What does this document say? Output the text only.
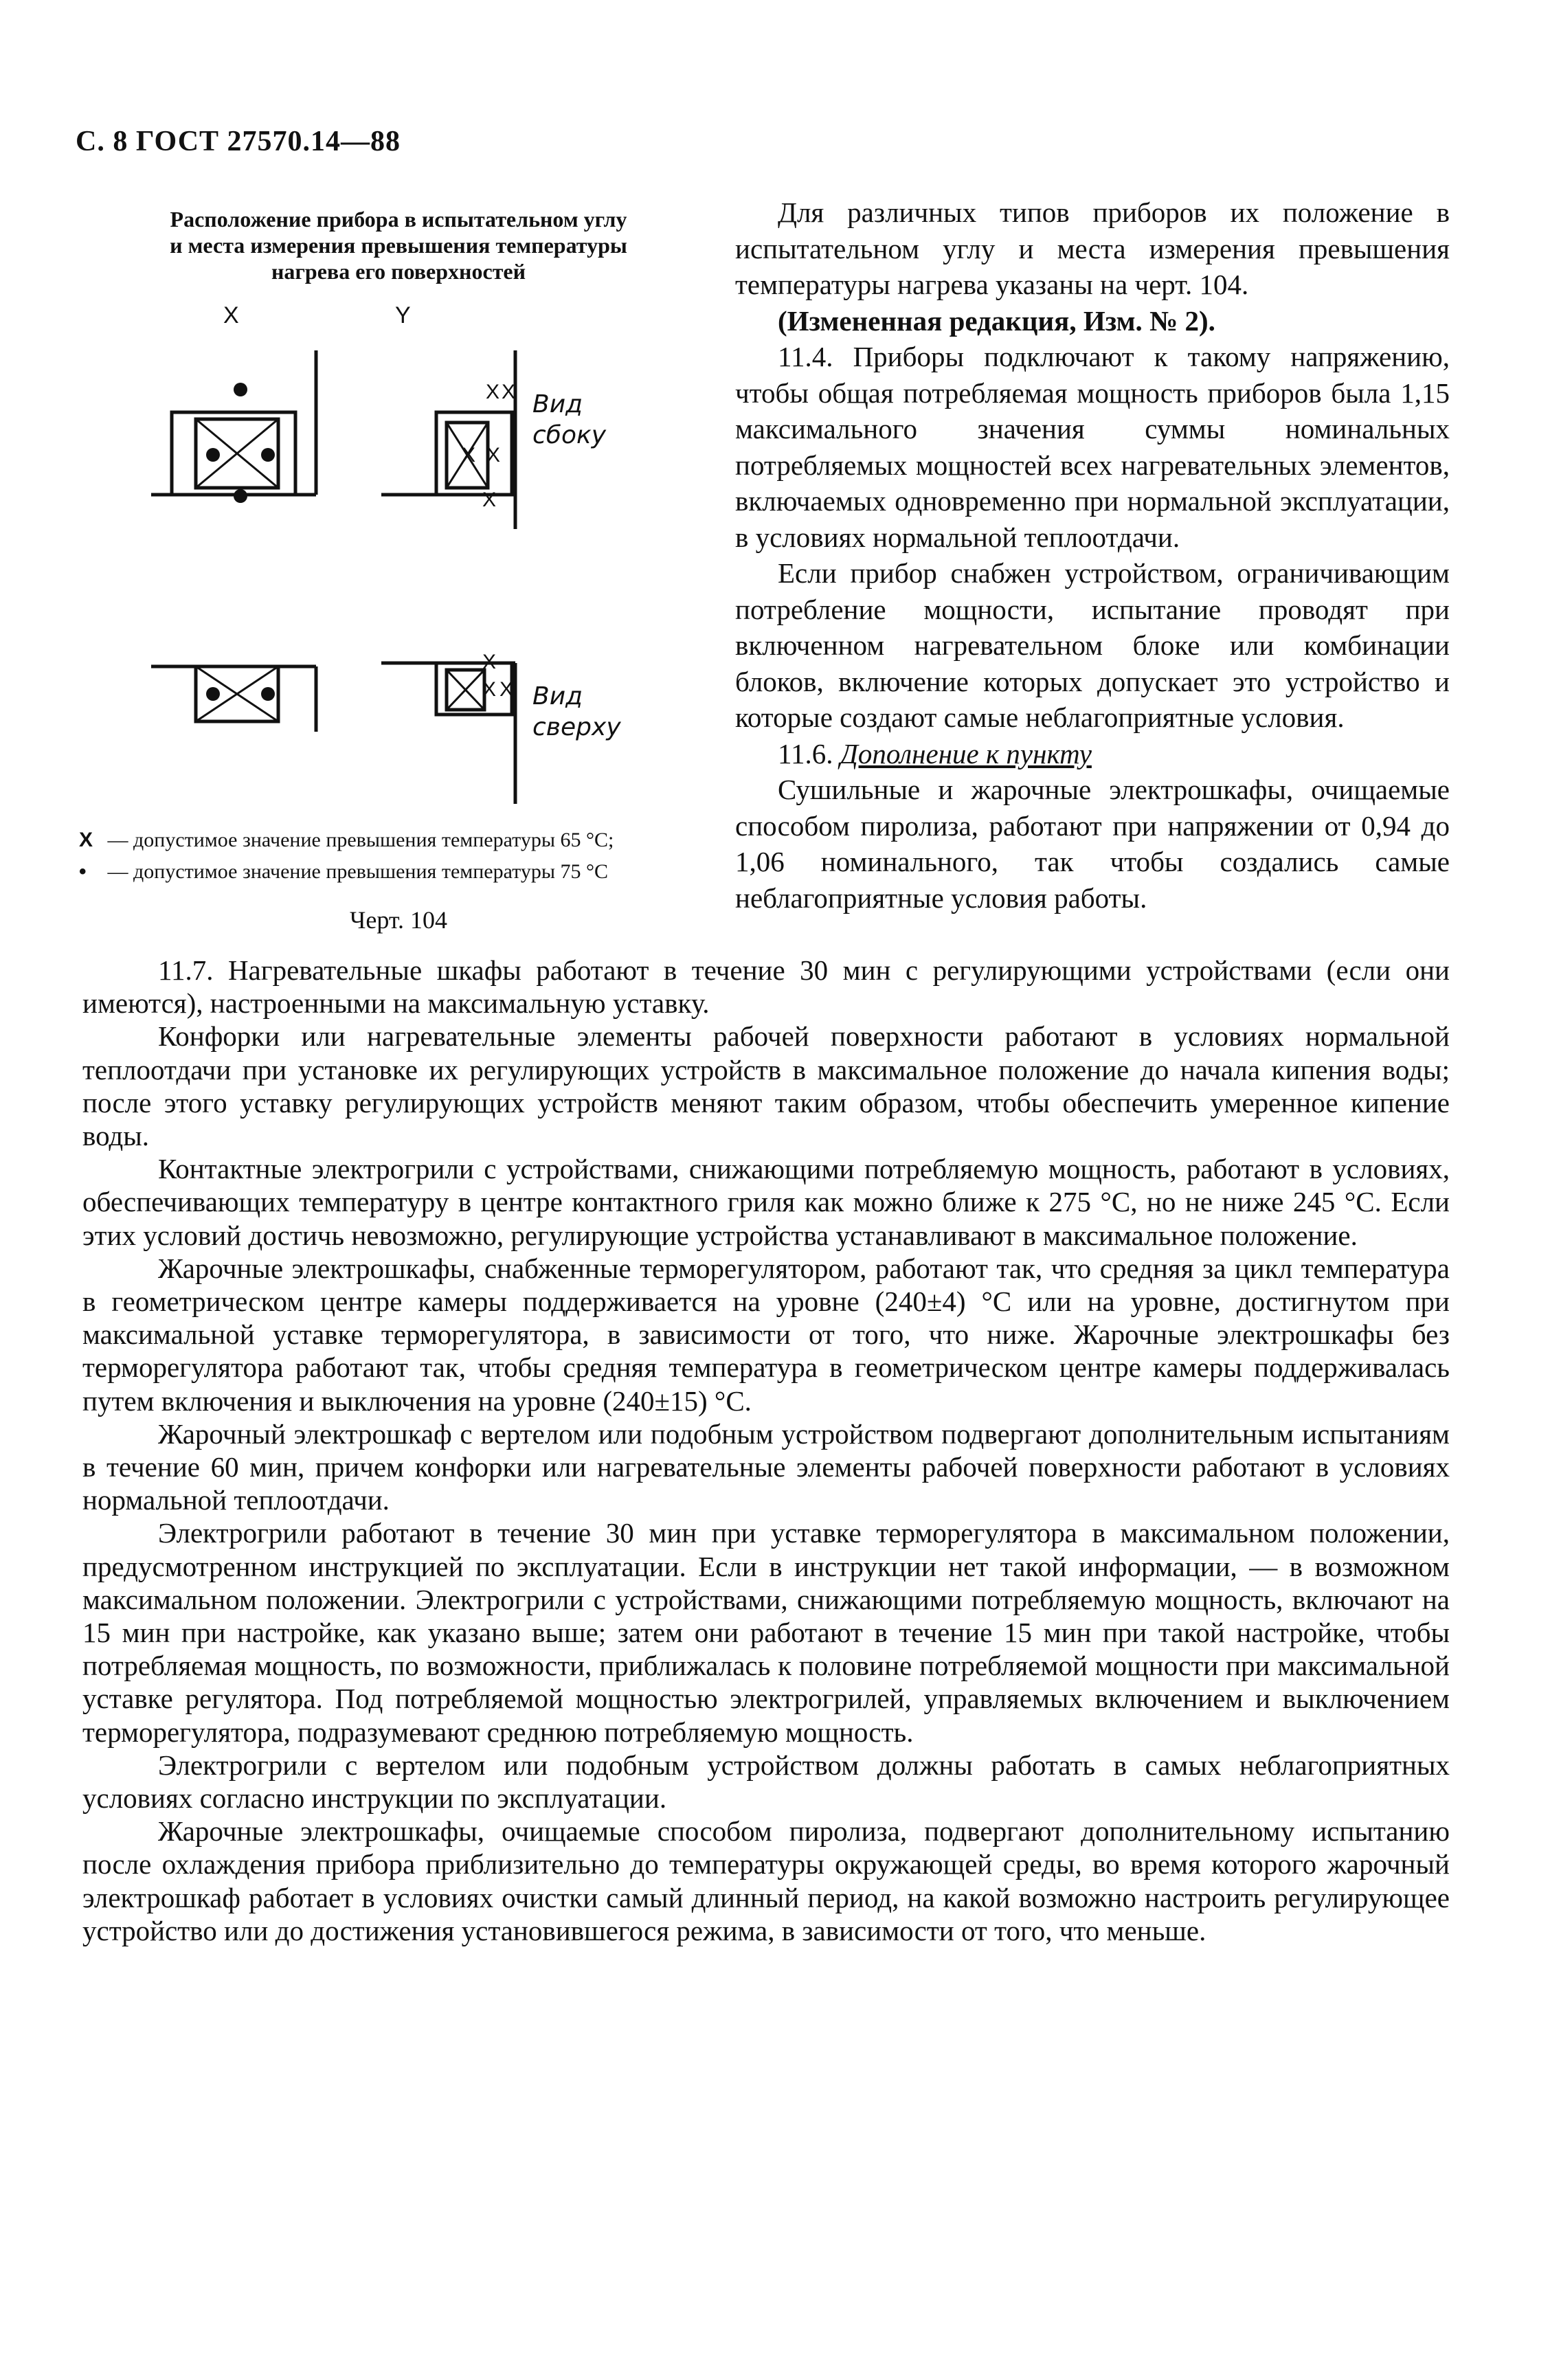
С. 8 ГОСТ 27570.14—88
Расположение прибора в испытательном углу
и места измерения превышения температуры
нагрева его поверхностей
X X
X X
X
X
X X
X	Y
Вид
сбоку
Вид
сверху
X — допустимое значение превышения температуры 65 °С;
• — допустимое значение превышения температуры 75 °С
Черт. 104

Для различных типов приборов их положение в испытательном углу и места измерения превышения температуры нагрева указаны на черт. 104.

(Измененная редакция, Изм. № 2).

11.4. Приборы подключают к такому напряжению, чтобы общая потребляемая мощность приборов была 1,15 максимального значения суммы номинальных потребляемых мощностей всех нагревательных элементов, включаемых одновременно при нормальной эксплуатации, в условиях нормальной теплоотдачи.

Если прибор снабжен устройством, ограничивающим потребление мощности, испытание проводят при включенном нагревательном блоке или комбинации блоков, включение которых допускает это устройство и которые создают самые неблагоприятные условия.

11.6. Дополнение к пункту

Сушильные и жарочные электрошкафы, очищаемые способом пиролиза, работают при напряжении от 0,94 до 1,06 номинального, так чтобы создались самые неблагоприятные условия работы.

11.7. Нагревательные шкафы работают в течение 30 мин с регулирующими устройствами (если они имеются), настроенными на максимальную уставку.

Конфорки или нагревательные элементы рабочей поверхности работают в условиях нормальной теплоотдачи при установке их регулирующих устройств в максимальное положение до начала кипения воды; после этого уставку регулирующих устройств меняют таким образом, чтобы обеспечить умеренное кипение воды.

Контактные электрогрили с устройствами, снижающими потребляемую мощность, работают в условиях, обеспечивающих температуру в центре контактного гриля как можно ближе к 275 °С, но не ниже 245 °С. Если этих условий достичь невозможно, регулирующие устройства устанавливают в максимальное положение.

Жарочные электрошкафы, снабженные терморегулятором, работают так, что средняя за цикл температура в геометрическом центре камеры поддерживается на уровне (240±4) °С или на уровне, достигнутом при максимальной уставке терморегулятора, в зависимости от того, что ниже. Жарочные электрошкафы без терморегулятора работают так, чтобы средняя температура в геометрическом центре камеры поддерживалась путем включения и выключения на уровне (240±15) °С.

Жарочный электрошкаф с вертелом или подобным устройством подвергают дополнительным испытаниям в течение 60 мин, причем конфорки или нагревательные элементы рабочей поверхности работают в условиях нормальной теплоотдачи.

Электрогрили работают в течение 30 мин при уставке терморегулятора в максимальном положении, предусмотренном инструкцией по эксплуатации. Если в инструкции нет такой информации, — в возможном максимальном положении. Электрогрили с устройствами, снижающими потребляемую мощность, включают на 15 мин при настройке, как указано выше; затем они работают в течение 15 мин при такой настройке, чтобы потребляемая мощность, по возможности, приближалась к половине потребляемой мощности при максимальной уставке регулятора. Под потребляемой мощностью электрогрилей, управляемых включением и выключением терморегулятора, подразумевают среднюю потребляемую мощность.

Электрогрили с вертелом или подобным устройством должны работать в самых неблагоприятных условиях согласно инструкции по эксплуатации.

Жарочные электрошкафы, очищаемые способом пиролиза, подвергают дополнительному испытанию после охлаждения прибора приблизительно до температуры окружающей среды, во время которого жарочный электрошкаф работает в условиях очистки самый длинный период, на какой возможно настроить регулирующее устройство или до достижения установившегося режима, в зависимости от того, что меньше.
